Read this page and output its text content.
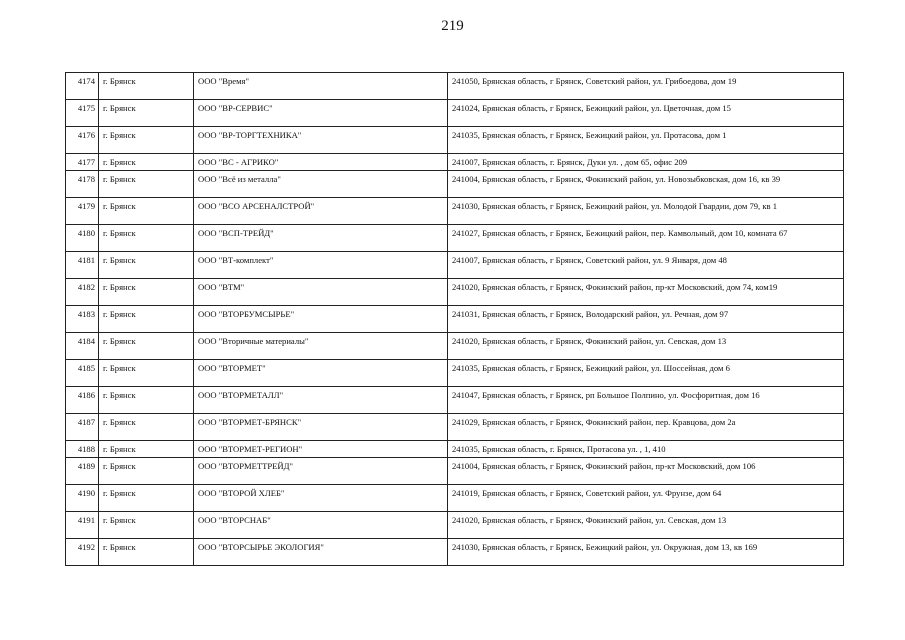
219
4174	г. Брянск	ООО "Время"	241050, Брянская область, г Брянск, Советский район, ул. Грибоедова, дом 19
4175	г. Брянск	ООО "ВР-СЕРВИС"	241024, Брянская область, г Брянск, Бежицкий район, ул. Цветочная, дом 15
4176	г. Брянск	ООО "ВР-ТОРГТЕХНИКА"	241035, Брянская область, г Брянск, Бежицкий район, ул. Протасова, дом 1
4177	г. Брянск	ООО "ВС - АГРИКО"	241007, Брянская область, г. Брянск, Дуки ул. , дом 65, офис 209
4178	г. Брянск	ООО "Всё из металла"	241004, Брянская область, г Брянск, Фокинский район, ул. Новозыбковская, дом 16, кв 39
4179	г. Брянск	ООО "ВСО АРСЕНАЛСТРОЙ"	241030, Брянская область, г Брянск, Бежицкий район, ул. Молодой Гвардии, дом 79, кв 1
4180	г. Брянск	ООО "ВСП-ТРЕЙД"	241027, Брянская область, г Брянск, Бежицкий район, пер. Камвольный, дом 10, комната 67
4181	г. Брянск	ООО "ВТ-комплект"	241007, Брянская область, г Брянск, Советский район, ул. 9 Января, дом 48
4182	г. Брянск	ООО "ВТМ"	241020, Брянская область, г Брянск, Фокинский район, пр-кт Московский, дом 74, ком19
4183	г. Брянск	ООО "ВТОРБУМСЫРЬЕ"	241031, Брянская область, г Брянск, Володарский район, ул. Речная, дом 97
4184	г. Брянск	ООО "Вторичные материалы"	241020, Брянская область, г Брянск, Фокинский район, ул. Севская, дом 13
4185	г. Брянск	ООО "ВТОРМЕТ"	241035, Брянская область, г Брянск, Бежицкий район, ул. Шоссейная, дом 6
4186	г. Брянск	ООО "ВТОРМЕТАЛЛ"	241047, Брянская область, г Брянск, рп Большое Полпино, ул. Фосфоритная, дом 16
4187	г. Брянск	ООО "ВТОРМЕТ-БРЯНСК"	241029, Брянская область, г Брянск, Фокинский район, пер. Кравцова, дом 2а
4188	г. Брянск	ООО "ВТОРМЕТ-РЕГИОН"	241035, Брянская область, г. Брянск, Протасова ул. , 1, 410
4189	г. Брянск	ООО "ВТОРМЕТТРЕЙД"	241004, Брянская область, г Брянск, Фокинский район, пр-кт Московский, дом 106
4190	г. Брянск	ООО "ВТОРОЙ ХЛЕБ"	241019, Брянская область, г Брянск, Советский район, ул. Фрунзе, дом 64
4191	г. Брянск	ООО "ВТОРСНАБ"	241020, Брянская область, г Брянск, Фокинский район, ул. Севская, дом 13
4192	г. Брянск	ООО "ВТОРСЫРЬЕ ЭКОЛОГИЯ"	241030, Брянская область, г Брянск, Бежицкий район, ул. Окружная, дом 13, кв 169
